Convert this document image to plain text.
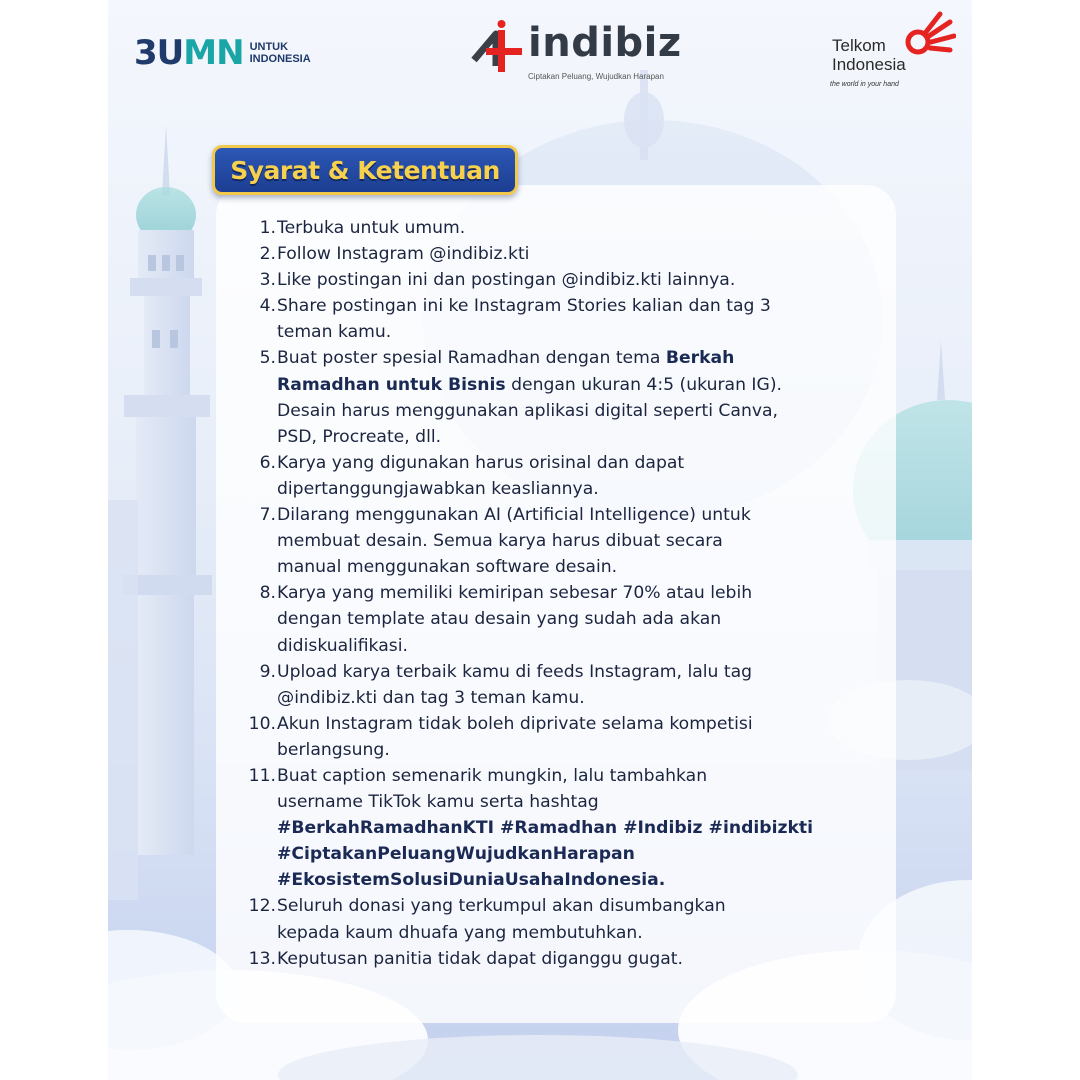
3UMN UNTUK
INDONESIA	indibiz
Ciptakan Peluang, Wujudkan Harapan
Telkom
Indonesia
the world in your hand
Syarat & Ketentuan
1. Terbuka untuk umum.
2. Follow Instagram @indibiz.kti
3. Like postingan ini dan postingan @indibiz.kti lainnya.
4. Share postingan ini ke Instagram Stories kalian dan tag 3
teman kamu.
5. Buat poster spesial Ramadhan dengan tema Berkah
Ramadhan untuk Bisnis dengan ukuran 4:5 (ukuran IG).
Desain harus menggunakan aplikasi digital seperti Canva,
PSD, Procreate, dll.
6. Karya yang digunakan harus orisinal dan dapat
dipertanggungjawabkan keasliannya.
7. Dilarang menggunakan AI (Artificial Intelligence) untuk
membuat desain. Semua karya harus dibuat secara
manual menggunakan software desain.
8. Karya yang memiliki kemiripan sebesar 70% atau lebih
dengan template atau desain yang sudah ada akan
didiskualifikasi.
9. Upload karya terbaik kamu di feeds Instagram, lalu tag
@indibiz.kti dan tag 3 teman kamu.
10. Akun Instagram tidak boleh diprivate selama kompetisi
berlangsung.
11. Buat caption semenarik mungkin, lalu tambahkan
username TikTok kamu serta hashtag
#BerkahRamadhanKTI #Ramadhan #Indibiz #indibizkti
#CiptakanPeluangWujudkanHarapan
#EkosistemSolusiDuniaUsahaIndonesia.
12. Seluruh donasi yang terkumpul akan disumbangkan
kepada kaum dhuafa yang membutuhkan.
13. Keputusan panitia tidak dapat diganggu gugat.
